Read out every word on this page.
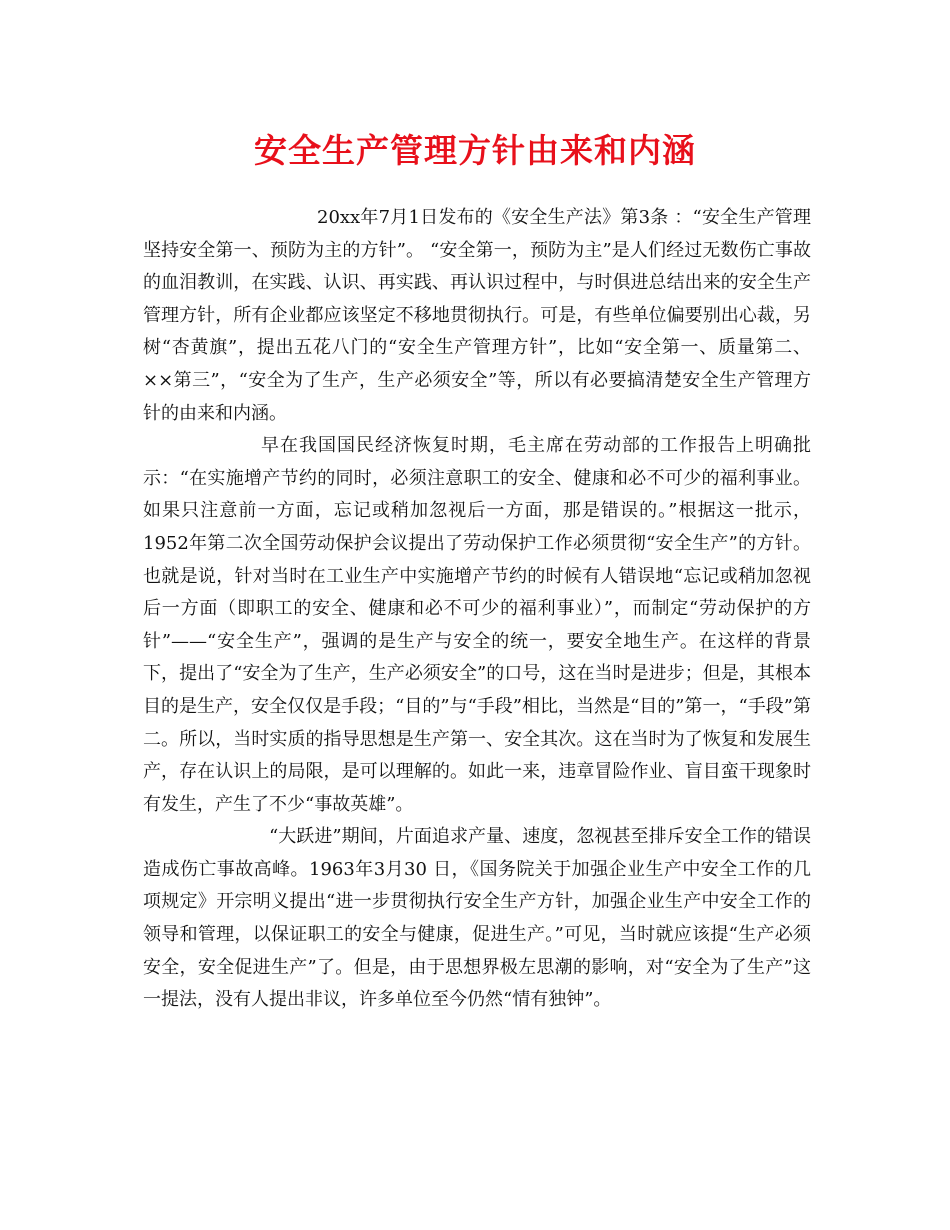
安全生产管理方针由来和内涵

20xx年7月1日发布的《安全生产法》第3条 ：“安全生产管理坚持安全第一、预防为主的方针”。 “安全第一，预防为主”是人们经过无数伤亡事故的血泪教训，在实践、认识、再实践、再认识过程中，与时俱进总结出来的安全生产管理方针，所有企业都应该坚定不移地贯彻执行。可是，有些单位偏要别出心裁，另树“杏黄旗”，提出五花八门的“安全生产管理方针”，比如“安全第一、质量第二、××第三”，“安全为了生产，生产必须安全”等，所以有必要搞清楚安全生产管理方针的由来和内涵。

早在我国国民经济恢复时期，毛主席在劳动部的工作报告上明确批示：“在实施增产节约的同时，必须注意职工的安全、健康和必不可少的福利事业。如果只注意前一方面，忘记或稍加忽视后一方面，那是错误的。”根据这一批示，1952年第二次全国劳动保护会议提出了劳动保护工作必须贯彻“安全生产”的方针。也就是说，针对当时在工业生产中实施增产节约的时候有人错误地“忘记或稍加忽视后一方面（即职工的安全、健康和必不可少的福利事业）”，而制定“劳动保护的方针”——“安全生产”，强调的是生产与安全的统一，要安全地生产。在这样的背景下，提出了“安全为了生产，生产必须安全”的口号，这在当时是进步；但是，其根本目的是生产，安全仅仅是手段；“目的”与“手段”相比，当然是“目的”第一，“手段”第二。所以，当时实质的指导思想是生产第一、安全其次。这在当时为了恢复和发展生产，存在认识上的局限，是可以理解的。如此一来，违章冒险作业、盲目蛮干现象时有发生，产生了不少“事故英雄”。

“大跃进”期间，片面追求产量、速度，忽视甚至排斥安全工作的错误造成伤亡事故高峰。1963年3月30 日，《国务院关于加强企业生产中安全工作的几项规定》开宗明义提出“进一步贯彻执行安全生产方针，加强企业生产中安全工作的领导和管理，以保证职工的安全与健康，促进生产。”可见，当时就应该提“生产必须安全，安全促进生产”了。但是，由于思想界极左思潮的影响，对“安全为了生产”这一提法，没有人提出非议，许多单位至今仍然“情有独钟”。
